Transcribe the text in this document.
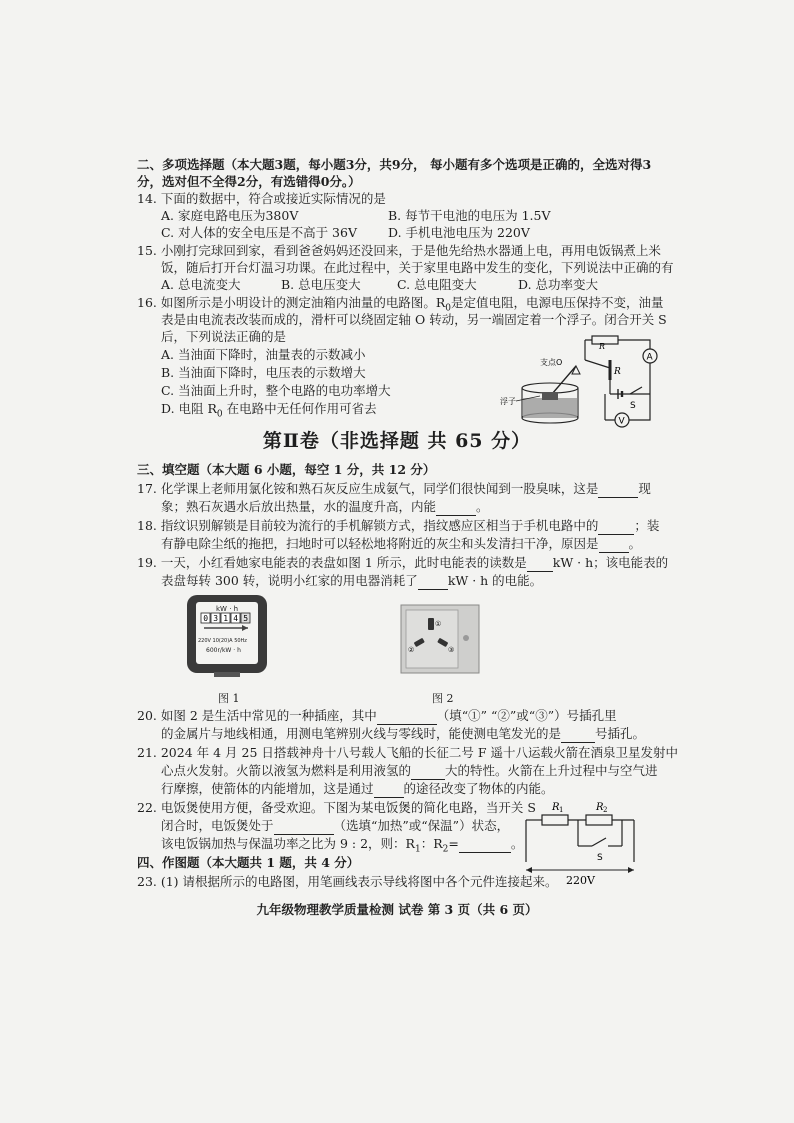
二、多项选择题（本大题3题，每小题3分，共9分， 每小题有多个选项是正确的，全选对得3
分，选对但不全得2分，有选错得0分。）
14. 下面的数据中，符合或接近实际情况的是
A. 家庭电路电压为380V	B. 每节干电池的电压为 1.5V
C. 对人体的安全电压是不高于 36V D. 手机电池电压为 220V
15. 小刚打完球回到家，看到爸爸妈妈还没回来，于是他先给热水器通上电，再用电饭锅煮上米
饭，随后打开台灯温习功课。在此过程中，关于家里电路中发生的变化，下列说法中正确的有
A. 总电流变大	B. 总电压变大	C. 总电阻变大	D. 总功率变大
16. 如图所示是小明设计的测定油箱内油量的电路图。$R_0$是定值电阻，电源电压保持不变，油量
表是由电流表改装而成的，滑杆可以绕固定轴 O 转动，另一端固定着一个浮子。闭合开关 S
后，下列说法正确的是
A. 当油面下降时，油量表的示数减小
B. 当油面下降时，电压表的示数增大
C. 当油面上升时，整个电路的电功率增大
D. 电阻 $R_0$ 在电路中无任何作用可省去
R
A
R
S
V
支点O
浮子
第Ⅱ卷（非选择题 共 65 分）
三、填空题（本大题 6 小题，每空 1 分，共 12 分）
17. 化学课上老师用氯化铵和熟石灰反应生成氨气，同学们很快闻到一股臭味，这是	现
象；熟石灰遇水后放出热量，水的温度升高，内能	。
18. 指纹识别解锁是目前较为流行的手机解锁方式，指纹感应区相当于手机电路中的	；装
有静电除尘纸的拖把，扫地时可以轻松地将附近的灰尘和头发清扫干净，原因是 。
19. 一天，小红看她家电能表的表盘如图 1 所示，此时电能表的读数是 kW · h；该电能表的
表盘每转 300 转，说明小红家的用电器消耗了 kW · h 的电能。
kW · h
0 3 1 4 5
220V 10(20)A 50Hz
600r/kW · h
图 1
①
②	③
图 2
20. 如图 2 是生活中常见的一种插座，其中	（填“①” “②”或“③”）号插孔里
的金属片与地线相通，用测电笔辨别火线与零线时，能使测电笔发光的是	号插孔。
21. 2024 年 4 月 25 日搭载神舟十八号载人飞船的长征二号 F 遥十八运载火箭在酒泉卫星发射中
心点火发射。火箭以液氢为燃料是利用液氢的	大的特性。火箭在上升过程中与空气进
行摩擦，使箭体的内能增加，这是通过 的途径改变了物体的内能。
22. 电饭煲使用方便，备受欢迎。下图为某电饭煲的简化电路，当开关 S
闭合时，电饭煲处于	（选填“加热”或“保温”）状态，
该电饭锅加热与保温功率之比为 9 : 2，则：$R_1$：$R_2=$	。
R 1	R 2
S
220V
四、作图题（本大题共 1 题，共 4 分）
23. (1) 请根据所示的电路图，用笔画线表示导线将图中各个元件连接起来。
九年级物理教学质量检测 试卷 第 3 页（共 6 页）
